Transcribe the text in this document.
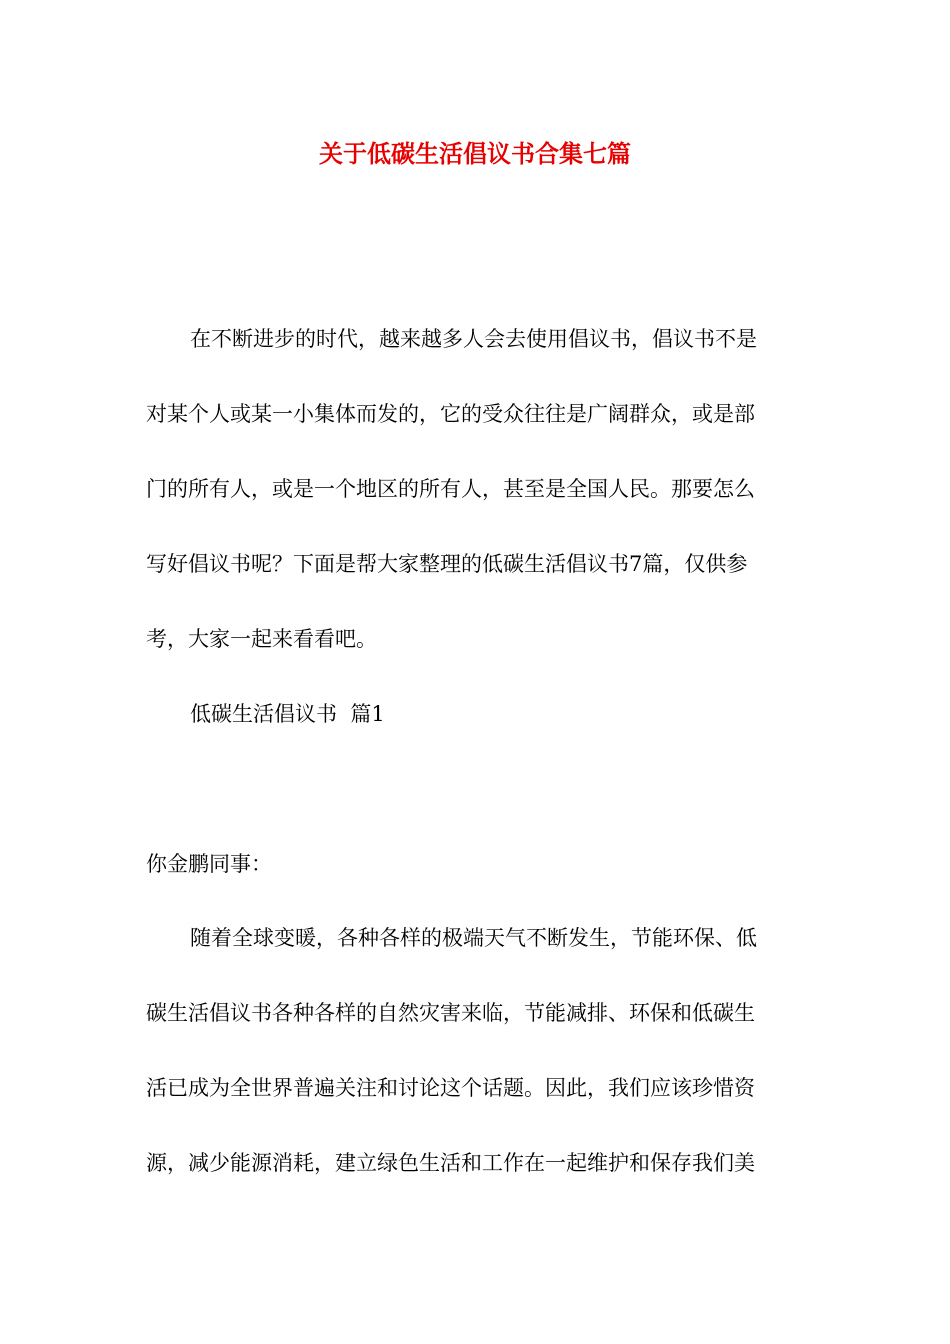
关于低碳生活倡议书合集七篇
在不断进步的时代，越来越多人会去使用倡议书，倡议书不是
对某个人或某一小集体而发的，它的受众往往是广阔群众，或是部
门的所有人，或是一个地区的所有人，甚至是全国人民。那要怎么
写好倡议书呢？下面是帮大家整理的低碳生活倡议书7篇，仅供参
考，大家一起来看看吧。
低碳生活倡议书  篇1
你金鹏同事：
随着全球变暖，各种各样的极端天气不断发生，节能环保、低
碳生活倡议书各种各样的自然灾害来临，节能减排、环保和低碳生
活已成为全世界普遍关注和讨论这个话题。因此，我们应该珍惜资
源，减少能源消耗，建立绿色生活和工作在一起维护和保存我们美
